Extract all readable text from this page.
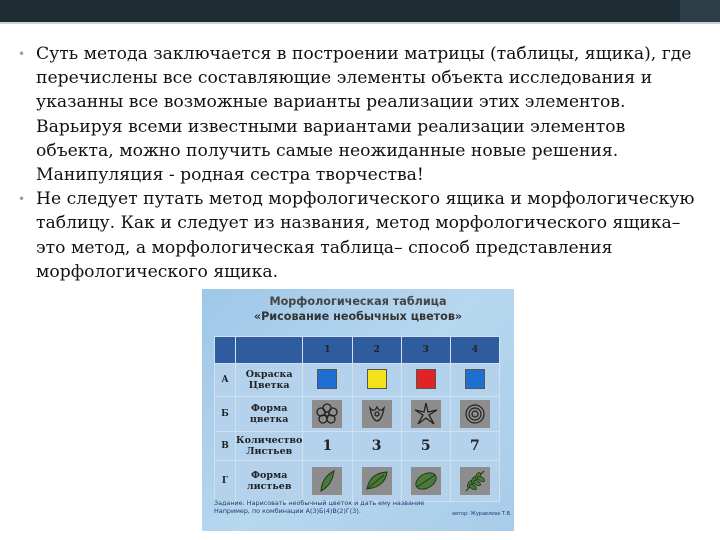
• Суть метода заключается в построении матрицы (таблицы, ящика), где
перечислены все составляющие элементы объекта исследования и
указанны все возможные варианты реализации этих элементов.
Варьируя всеми известными вариантами реализации элементов
объекта, можно получить самые неожиданные новые решения.
Манипуляция - родная сестра творчества!
• Не следует путать метод морфологического ящика и морфологическую
таблицу. Как и следует из названия, метод морфологического ящика–
это метод, а морфологическая таблица– способ представления
морфологического ящика.
Морфологическая таблица
«Рисование необычных цветов»
		1	2	3	4
А	Окраска Цветка				
Б	Форма цветка	

В	Количество Листьев	1	3	5	7
Г	Форма листьев	

Задание: Нарисовать необычный цветок и дать ему название
Например, по комбинации А(3)Б(4)В(2)Г(3).	автор: Журавлева Т.В.
